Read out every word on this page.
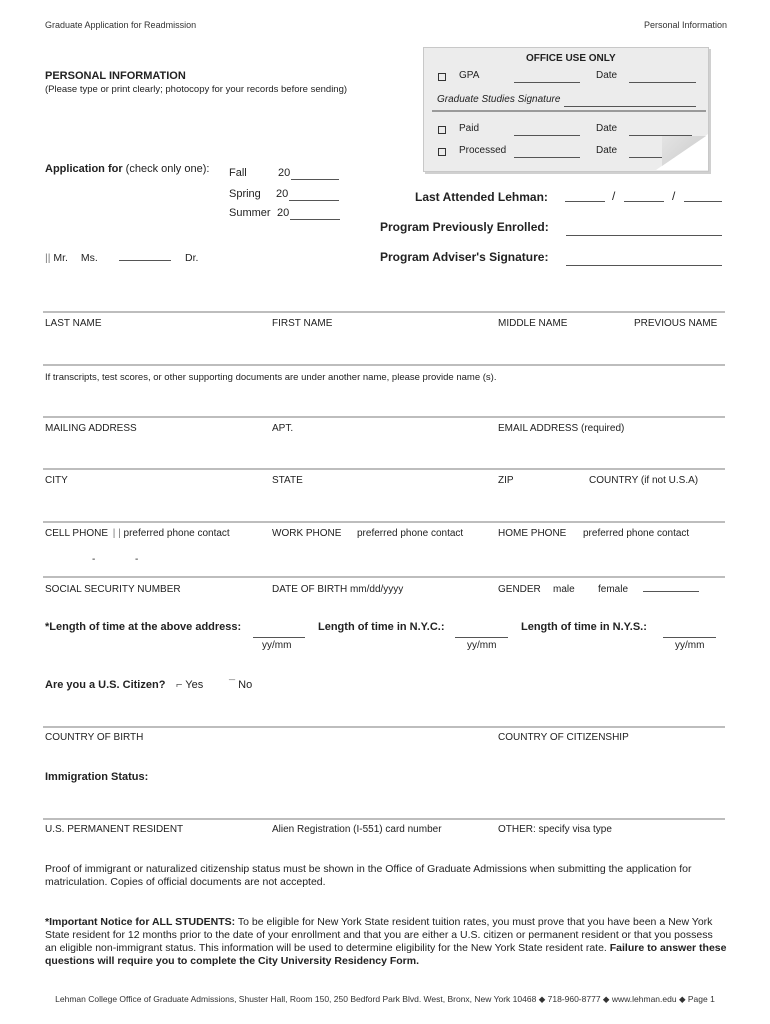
Graduate Application for Readmission	Personal Information
OFFICE USE ONLY
GPA	Date
Graduate Studies Signature
Paid	Date
Processed	Date
PERSONAL INFORMATION
(Please type or print clearly; photocopy for your records before sending)
Application for (check only one): Fall	20
Spring 20
Summer 20
Last Attended Lehman:	/	/
Program Previously Enrolled:
Program Adviser's Signature:
|| Mr. Ms.	Dr.
LAST NAME	FIRST NAME	MIDDLE NAME	PREVIOUS NAME
If transcripts, test scores, or other supporting documents are under another name, please provide name (s).
MAILING ADDRESS	APT.	EMAIL ADDRESS (required)
CITY	STATE	ZIP	COUNTRY (if not U.S.A)
CELL PHONE | | preferred phone contact	WORK PHONE preferred phone contact	HOME PHONE preferred phone contact
-	-
SOCIAL SECURITY NUMBER	DATE OF BIRTH mm/dd/yyyy	GENDER male female
*Length of time at the above address:
yy/mm
Length of time in N.Y.C.:
yy/mm
Length of time in N.Y.S.:
yy/mm
Are you a U.S. Citizen? ⌐ Yes ¯ No
COUNTRY OF BIRTH	COUNTRY OF CITIZENSHIP
Immigration Status:
U.S. PERMANENT RESIDENT	Alien Registration (I-551) card number	OTHER: specify visa type
Proof of immigrant or naturalized citizenship status must be shown in the Office of Graduate Admissions when submitting the application for matriculation. Copies of official documents are not accepted.
*Important Notice for ALL STUDENTS: To be eligible for New York State resident tuition rates, you must prove that you have been a New York State resident for 12 months prior to the date of your enrollment and that you are either a U.S. citizen or permanent resident or that you possess an eligible non-immigrant status. This information will be used to determine eligibility for the New York State resident rate. Failure to answer these questions will require you to complete the City University Residency Form.
Lehman College Office of Graduate Admissions, Shuster Hall, Room 150, 250 Bedford Park Blvd. West, Bronx, New York 10468 ◆ 718-960-8777 ◆ www.lehman.edu ◆ Page 1
